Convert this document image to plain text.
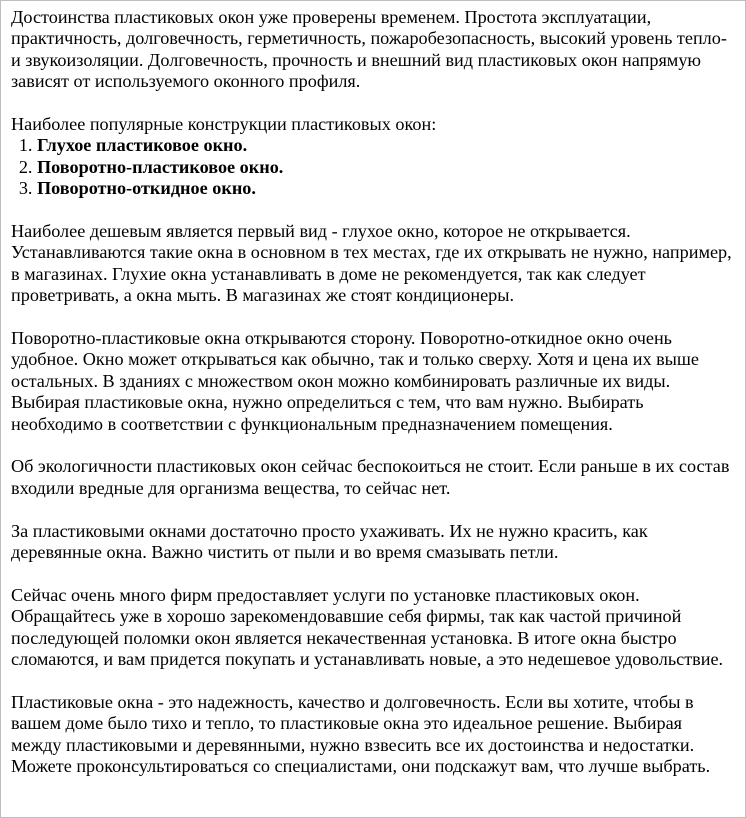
Достоинства пластиковых окон уже проверены временем. Простота эксплуатации, практичность, долговечность, герметичность, пожаробезопасность, высокий уровень тепло- и звукоизоляции. Долговечность, прочность и внешний вид пластиковых окон напрямую зависят от используемого оконного профиля.

Наиболее популярные конструкции пластиковых окон:

1. Глухое пластиковое окно.
2. Поворотно-пластиковое окно.
3. Поворотно-откидное окно.

Наиболее дешевым является первый вид - глухое окно, которое не открывается. Устанавливаются такие окна в основном в тех местах, где их открывать не нужно, например, в магазинах. Глухие окна устанавливать в доме не рекомендуется, так как следует проветривать, а окна мыть. В магазинах же стоят кондиционеры.

Поворотно-пластиковые окна открываются сторону. Поворотно-откидное окно очень удобное. Окно может открываться как обычно, так и только сверху. Хотя и цена их выше остальных. В зданиях с множеством окон можно комбинировать различные их виды. Выбирая пластиковые окна, нужно определиться с тем, что вам нужно. Выбирать необходимо в соответствии с функциональным предназначением помещения.

Об экологичности пластиковых окон сейчас беспокоиться не стоит. Если раньше в их состав входили вредные для организма вещества, то сейчас нет.

За пластиковыми окнами достаточно просто ухаживать. Их не нужно красить, как деревянные окна. Важно чистить от пыли и во время смазывать петли.

Сейчас очень много фирм предоставляет услуги по установке пластиковых окон. Обращайтесь уже в хорошо зарекомендовавшие себя фирмы, так как частой причиной последующей поломки окон является некачественная установка. В итоге окна быстро сломаются, и вам придется покупать и устанавливать новые, а это недешевое удовольствие.

Пластиковые окна - это надежность, качество и долговечность. Если вы хотите, чтобы в вашем доме было тихо и тепло, то пластиковые окна это идеальное решение. Выбирая между пластиковыми и деревянными, нужно взвесить все их достоинства и недостатки. Можете проконсультироваться со специалистами, они подскажут вам, что лучше выбрать.
